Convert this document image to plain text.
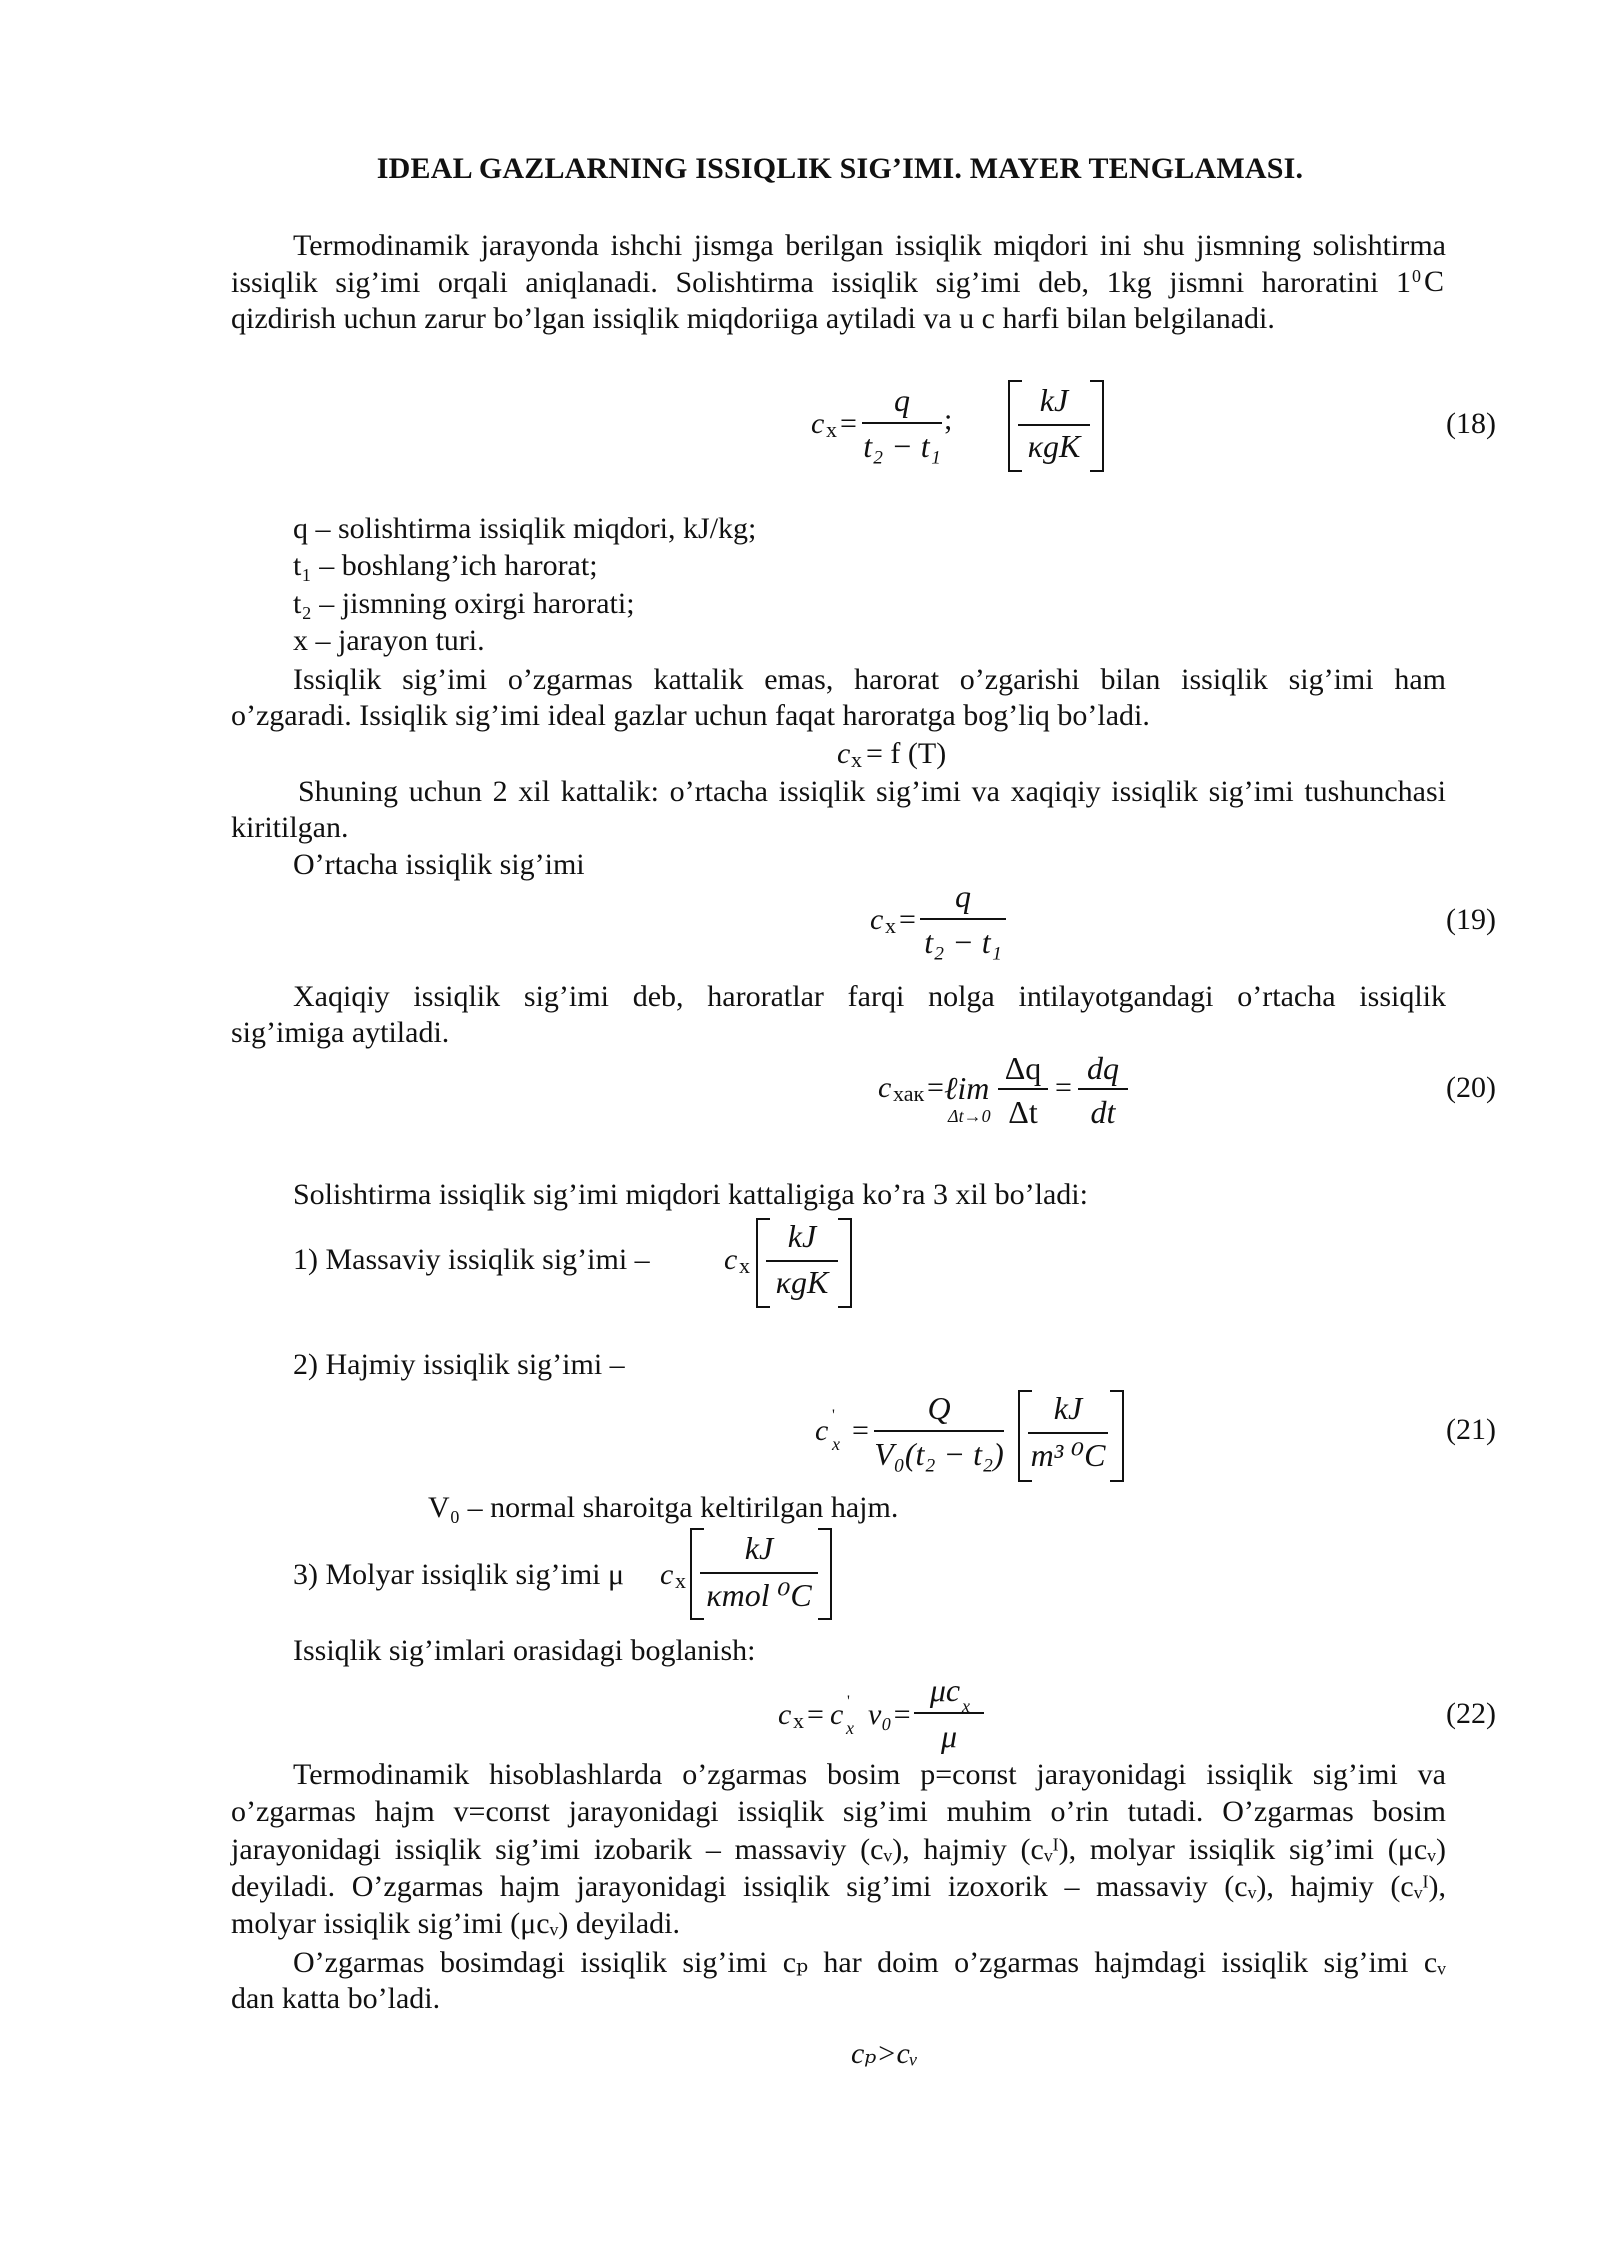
IDEAL GAZLARNING ISSIQLIK SIG’IMI. MAYER TENGLAMASI.
Termodinamik jarayonda ishchi jismga berilgan issiqlik miqdori ini shu jismning solishtirma
issiqlik sig’imi orqali aniqlanadi. Solishtirma issiqlik sig’imi deb, 1kg jismni haroratini 1 0 C
qizdirish uchun zarur bo’lgan issiqlik miqdoriiga aytiladi va u c harfi bilan belgilanadi.
c x =
q
t₂ − t₁
;
kJ
κgK
(18)
q – solishtirma issiqlik miqdori, kJ/kg;
t₁ – boshlang’ich harorat;
t₂ – jismning oxirgi harorati;
x – jarayon turi.
Issiqlik sig’imi o’zgarmas kattalik emas, harorat o’zgarishi bilan issiqlik sig’imi ham
o’zgaradi. Issiqlik sig’imi ideal gazlar uchun faqat haroratga bog’liq bo’ladi.
c x = f (T)
Shuning uchun 2 xil kattalik: o’rtacha issiqlik sig’imi va xaqiqiy issiqlik sig’imi tushunchasi
kiritilgan.
O’rtacha issiqlik sig’imi
c x =
q
t₂ − t₁
(19)
Xaqiqiy issiqlik sig’imi deb, haroratlar farqi nolga intilayotgandagi o’rtacha issiqlik
sig’imiga aytiladi.
c хак = ℓim
Δt→0
Δq
Δt
=
dq
dt
(20)
Solishtirma issiqlik sig’imi miqdori kattaligiga ko’ra 3 xil bo’ladi:
1) Massaviy issiqlik sig’imi – c x
kJ
κgK
2) Hajmiy issiqlik sig’imi –
c '
x =
Q
V₀(t₂ − t₂)
kJ
m³ ⁰C
(21)
V₀ – normal sharoitga keltirilgan hajm.
3) Molyar issiqlik sig’imi μ c x
kJ
κmol ⁰C
Issiqlik sig’imlari orasidagi boglanish:
c x = c '
x v₀=
μc x
μ
(22)
Termodinamik hisoblashlarda o’zgarmas bosim p=coпst jarayonidagi issiqlik sig’imi va
o’zgarmas hajm v=coпst jarayonidagi issiqlik sig’imi muhim o’rin tutadi. O’zgarmas bosim
jarayonidagi issiqlik sig’imi izobarik – massaviy (cᵥ), hajmiy (cᵥᴵ), molyar issiqlik sig’imi (μcᵥ)
deyiladi. O’zgarmas hajm jarayonidagi issiqlik sig’imi izoxorik – massaviy (cᵥ), hajmiy (cᵥᴵ),
molyar issiqlik sig’imi (μcᵥ) deyiladi.
O’zgarmas bosimdagi issiqlik sig’imi cₚ har doim o’zgarmas hajmdagi issiqlik sig’imi cᵥ
dan katta bo’ladi.
cₚ>cᵥ
